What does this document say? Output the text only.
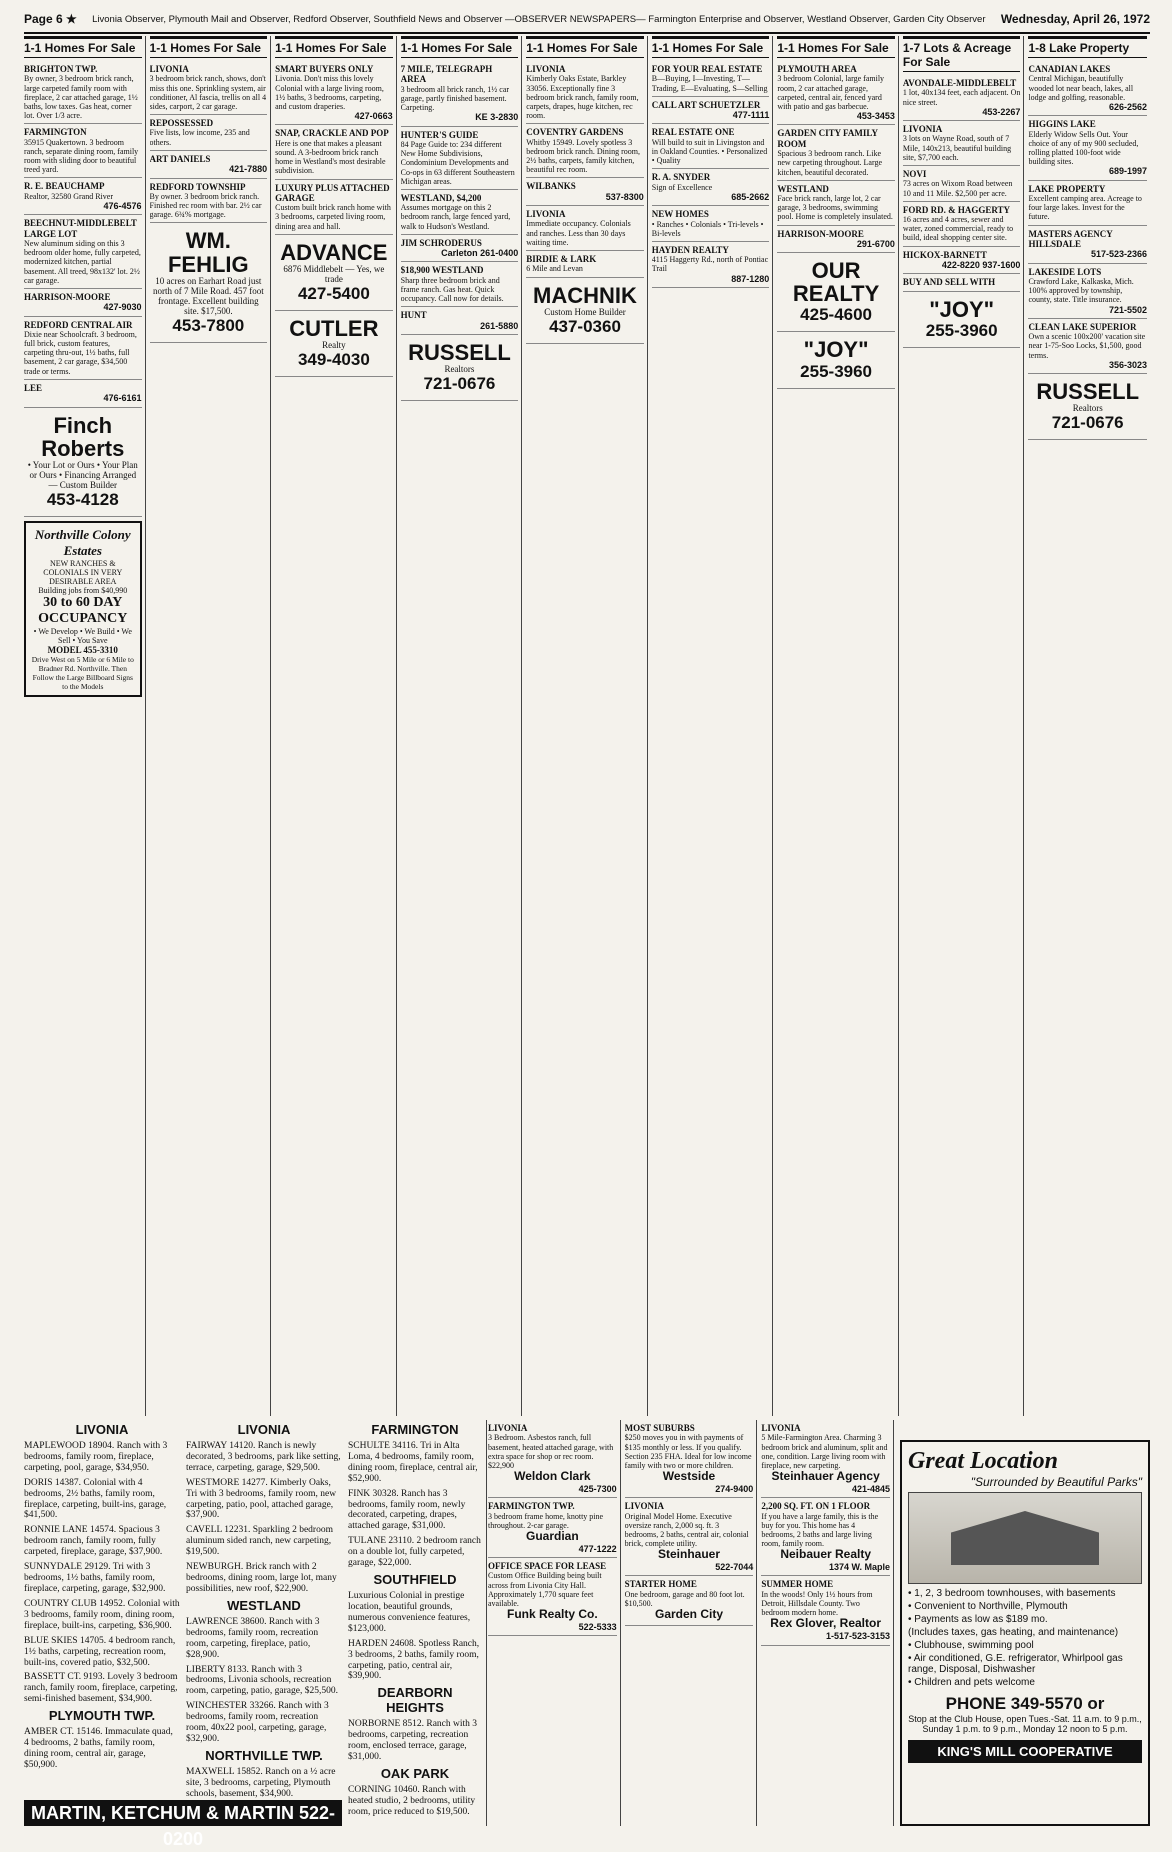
Page 6 ★	Livonia Observer, Plymouth Mail and Observer, Redford Observer, Southfield News and Observer —OBSERVER NEWSPAPERS— Farmington Enterprise and Observer, Westland Observer, Garden City Observer	Wednesday, April 26, 1972
1-1 Homes For Sale
BRIGHTON TWP.
By owner, 3 bedroom brick ranch, large carpeted family room with fireplace, 2 car attached garage, 1½ baths, low taxes. Gas heat, corner lot. Over 1/3 acre.
FARMINGTON
35915 Quakertown. 3 bedroom ranch, separate dining room, family room with sliding door to beautiful treed yard.
R. E. BEAUCHAMP
Realtor, 32580 Grand River
476-4576
BEECHNUT-MIDDLEBELT LARGE LOT
New aluminum siding on this 3 bedroom older home, fully carpeted, modernized kitchen, partial basement. All treed, 98x132' lot. 2½ car garage.
HARRISON-MOORE
427-9030
REDFORD CENTRAL AIR
Dixie near Schoolcraft. 3 bedroom, full brick, custom features, carpeting thru-out, 1½ baths, full basement, 2 car garage, $34,500 trade or terms.
LEE
476-6161
Finch Roberts
• Your Lot or Ours • Your Plan or Ours • Financing Arranged — Custom Builder
453-4128
Northville Colony Estates
NEW RANCHES & COLONIALS IN VERY DESIRABLE AREA
Building jobs from $40,990
30 to 60 DAY OCCUPANCY
• We Develop • We Build • We Sell • You Save
MODEL 455-3310
Drive West on 5 Mile or 6 Mile to Bradner Rd. Northville. Then Follow the Large Billboard Signs to the Models
1-1 Homes For Sale
LIVONIA
3 bedroom brick ranch, shows, don't miss this one. Sprinkling system, air conditioner, Al fascia, trellis on all 4 sides, carport, 2 car garage.
REPOSSESSED
Five lists, low income, 235 and others.
ART DANIELS
421-7880
REDFORD TOWNSHIP
By owner. 3 bedroom brick ranch. Finished rec room with bar. 2½ car garage. 6¾% mortgage.
WM. FEHLIG
10 acres on Earhart Road just north of 7 Mile Road. 457 foot frontage. Excellent building site. $17,500.
453-7800
1-1 Homes For Sale
SMART BUYERS ONLY
Livonia. Don't miss this lovely Colonial with a large living room, 1½ baths, 3 bedrooms, carpeting, and custom draperies.
427-0663
SNAP, CRACKLE AND POP
Here is one that makes a pleasant sound. A 3-bedroom brick ranch home in Westland's most desirable subdivision.
LUXURY PLUS ATTACHED GARAGE
Custom built brick ranch home with 3 bedrooms, carpeted living room, dining area and hall.
ADVANCE
6876 Middlebelt — Yes, we trade
427-5400
CUTLER
Realty
349-4030
1-1 Homes For Sale
7 MILE, TELEGRAPH AREA
3 bedroom all brick ranch, 1½ car garage, partly finished basement. Carpeting.
KE 3-2830
HUNTER'S GUIDE
84 Page Guide to: 234 different New Home Subdivisions, Condominium Developments and Co-ops in 63 different Southeastern Michigan areas.
WESTLAND, $4,200
Assumes mortgage on this 2 bedroom ranch, large fenced yard, walk to Hudson's Westland.
JIM SCHRODERUS
Carleton 261-0400
$18,900 WESTLAND
Sharp three bedroom brick and frame ranch. Gas heat. Quick occupancy. Call now for details.
HUNT
261-5880
RUSSELL
Realtors
721-0676
1-1 Homes For Sale
LIVONIA
Kimberly Oaks Estate, Barkley 33056. Exceptionally fine 3 bedroom brick ranch, family room, carpets, drapes, huge kitchen, rec room.
COVENTRY GARDENS
Whitby 15949. Lovely spotless 3 bedroom brick ranch. Dining room, 2½ baths, carpets, family kitchen, beautiful rec room.
WILBANKS
537-8300
LIVONIA
Immediate occupancy. Colonials and ranches. Less than 30 days waiting time.
BIRDIE & LARK
6 Mile and Levan
MACHNIK
Custom Home Builder
437-0360
1-1 Homes For Sale
FOR YOUR REAL ESTATE
B—Buying, I—Investing, T—Trading, E—Evaluating, S—Selling
CALL ART SCHUETZLER
477-1111
REAL ESTATE ONE
Will build to suit in Livingston and in Oakland Counties. • Personalized • Quality
R. A. SNYDER
Sign of Excellence
685-2662
NEW HOMES
• Ranches • Colonials • Tri-levels • Bi-levels
HAYDEN REALTY
4115 Haggerty Rd., north of Pontiac Trail
887-1280
1-1 Homes For Sale
PLYMOUTH AREA
3 bedroom Colonial, large family room, 2 car attached garage, carpeted, central air, fenced yard with patio and gas barbecue.
453-3453
GARDEN CITY FAMILY ROOM
Spacious 3 bedroom ranch. Like new carpeting throughout. Large kitchen, beautiful decorated.
WESTLAND
Face brick ranch, large lot, 2 car garage, 3 bedrooms, swimming pool. Home is completely insulated.
HARRISON-MOORE
291-6700
OUR REALTY
425-4600
"JOY"
255-3960
1-7 Lots & Acreage For Sale
AVONDALE-MIDDLEBELT
1 lot, 40x134 feet, each adjacent. On nice street.
453-2267
LIVONIA
3 lots on Wayne Road, south of 7 Mile, 140x213, beautiful building site, $7,700 each.
NOVI
73 acres on Wixom Road between 10 and 11 Mile. $2,500 per acre.
FORD RD. & HAGGERTY
16 acres and 4 acres, sewer and water, zoned commercial, ready to build, ideal shopping center site.
HICKOX-BARNETT
422-8220 937-1600
BUY AND SELL WITH
"JOY"
255-3960
1-8 Lake Property
CANADIAN LAKES
Central Michigan, beautifully wooded lot near beach, lakes, all lodge and golfing, reasonable.
626-2562
HIGGINS LAKE
Elderly Widow Sells Out. Your choice of any of my 900 secluded, rolling platted 100-foot wide building sites.
689-1997
LAKE PROPERTY
Excellent camping area. Acreage to four large lakes. Invest for the future.
MASTERS AGENCY HILLSDALE
517-523-2366
LAKESIDE LOTS
Crawford Lake, Kalkaska, Mich. 100% approved by township, county, state. Title insurance.
721-5502
CLEAN LAKE SUPERIOR
Own a scenic 100x200' vacation site near 1-75-Soo Locks, $1,500, good terms.
356-3023
RUSSELL
Realtors
721-0676
LIVONIA
MAPLEWOOD 18904. Ranch with 3 bedrooms, family room, fireplace, carpeting, pool, garage, $34,950.
DORIS 14387. Colonial with 4 bedrooms, 2½ baths, family room, fireplace, carpeting, built-ins, garage, $41,500.
RONNIE LANE 14574. Spacious 3 bedroom ranch, family room, fully carpeted, fireplace, garage, $37,900.
SUNNYDALE 29129. Tri with 3 bedrooms, 1½ baths, family room, fireplace, carpeting, garage, $32,900.
COUNTRY CLUB 14952. Colonial with 3 bedrooms, family room, dining room, fireplace, built-ins, carpeting, $36,900.
BLUE SKIES 14705. 4 bedroom ranch, 1½ baths, carpeting, recreation room, built-ins, covered patio, $32,500.
BASSETT CT. 9193. Lovely 3 bedroom ranch, family room, fireplace, carpeting, semi-finished basement, $34,900.
PLYMOUTH TWP.
AMBER CT. 15146. Immaculate quad, 4 bedrooms, 2 baths, family room, dining room, central air, garage, $50,900.
LIVONIA
FAIRWAY 14120. Ranch is newly decorated, 3 bedrooms, park like setting, terrace, carpeting, garage, $29,500.
WESTMORE 14277. Kimberly Oaks, Tri with 3 bedrooms, family room, new carpeting, patio, pool, attached garage, $37,900.
CAVELL 12231. Sparkling 2 bedroom aluminum sided ranch, new carpeting, $19,500.
NEWBURGH. Brick ranch with 2 bedrooms, dining room, large lot, many possibilities, new roof, $22,900.
WESTLAND
LAWRENCE 38600. Ranch with 3 bedrooms, family room, recreation room, carpeting, fireplace, patio, $28,900.
LIBERTY 8133. Ranch with 3 bedrooms, Livonia schools, recreation room, carpeting, patio, garage, $25,500.
WINCHESTER 33266. Ranch with 3 bedrooms, family room, recreation room, 40x22 pool, carpeting, garage, $32,900.
NORTHVILLE TWP.
MAXWELL 15852. Ranch on a ½ acre site, 3 bedrooms, carpeting, Plymouth schools, basement, $34,900.
FARMINGTON
SCHULTE 34116. Tri in Alta Loma, 4 bedrooms, family room, dining room, fireplace, central air, $52,900.
FINK 30328. Ranch has 3 bedrooms, family room, newly decorated, carpeting, drapes, attached garage, $31,000.
TULANE 23110. 2 bedroom ranch on a double lot, fully carpeted, garage, $22,000.
SOUTHFIELD
Luxurious Colonial in prestige location, beautiful grounds, numerous convenience features, $123,000.
HARDEN 24608. Spotless Ranch, 3 bedrooms, 2 baths, family room, carpeting, patio, central air, $39,900.
DEARBORN HEIGHTS
NORBORNE 8512. Ranch with 3 bedrooms, carpeting, recreation room, enclosed terrace, garage, $31,000.
OAK PARK
CORNING 10460. Ranch with heated studio, 2 bedrooms, utility room, price reduced to $19,500.
MARTIN, KETCHUM & MARTIN 522-0200
LIVONIA
3 Bedroom. Asbestos ranch, full basement, heated attached garage, with extra space for shop or rec room. $22,900
Weldon Clark
425-7300
FARMINGTON TWP.
3 bedroom frame home, knotty pine throughout. 2-car garage.
Guardian
477-1222
OFFICE SPACE FOR LEASE
Custom Office Building being built across from Livonia City Hall. Approximately 1,770 square feet available.
Funk Realty Co.
522-5333
MOST SUBURBS
$250 moves you in with payments of $135 monthly or less. If you qualify. Section 235 FHA. Ideal for low income family with two or more children.
Westside
274-9400
LIVONIA
Original Model Home. Executive oversize ranch, 2,000 sq. ft. 3 bedrooms, 2 baths, central air, colonial brick, complete utility.
Steinhauer
522-7044
STARTER HOME
One bedroom, garage and 80 foot lot. $10,500.
Garden City
LIVONIA
5 Mile-Farmington Area. Charming 3 bedroom brick and aluminum, split and one, condition. Large living room with fireplace, new carpeting.
Steinhauer Agency
421-4845
2,200 SQ. FT. ON 1 FLOOR
If you have a large family, this is the buy for you. This home has 4 bedrooms, 2 baths and large living room, family room.
Neibauer Realty
1374 W. Maple
SUMMER HOME
In the woods! Only 1½ hours from Detroit, Hillsdale County. Two bedroom modern home.
Rex Glover, Realtor
1-517-523-3153
Great Location
"Surrounded by Beautiful Parks"
• 1, 2, 3 bedroom townhouses, with basements
• Convenient to Northville, Plymouth
• Payments as low as $189 mo.
(Includes taxes, gas heating, and maintenance)
• Clubhouse, swimming pool
• Air conditioned, G.E. refrigerator, Whirlpool gas range, Disposal, Dishwasher
• Children and pets welcome
PHONE 349-5570 or
Stop at the Club House, open Tues.-Sat. 11 a.m. to 9 p.m., Sunday 1 p.m. to 9 p.m., Monday 12 noon to 5 p.m.
KING'S MILL COOPERATIVE
